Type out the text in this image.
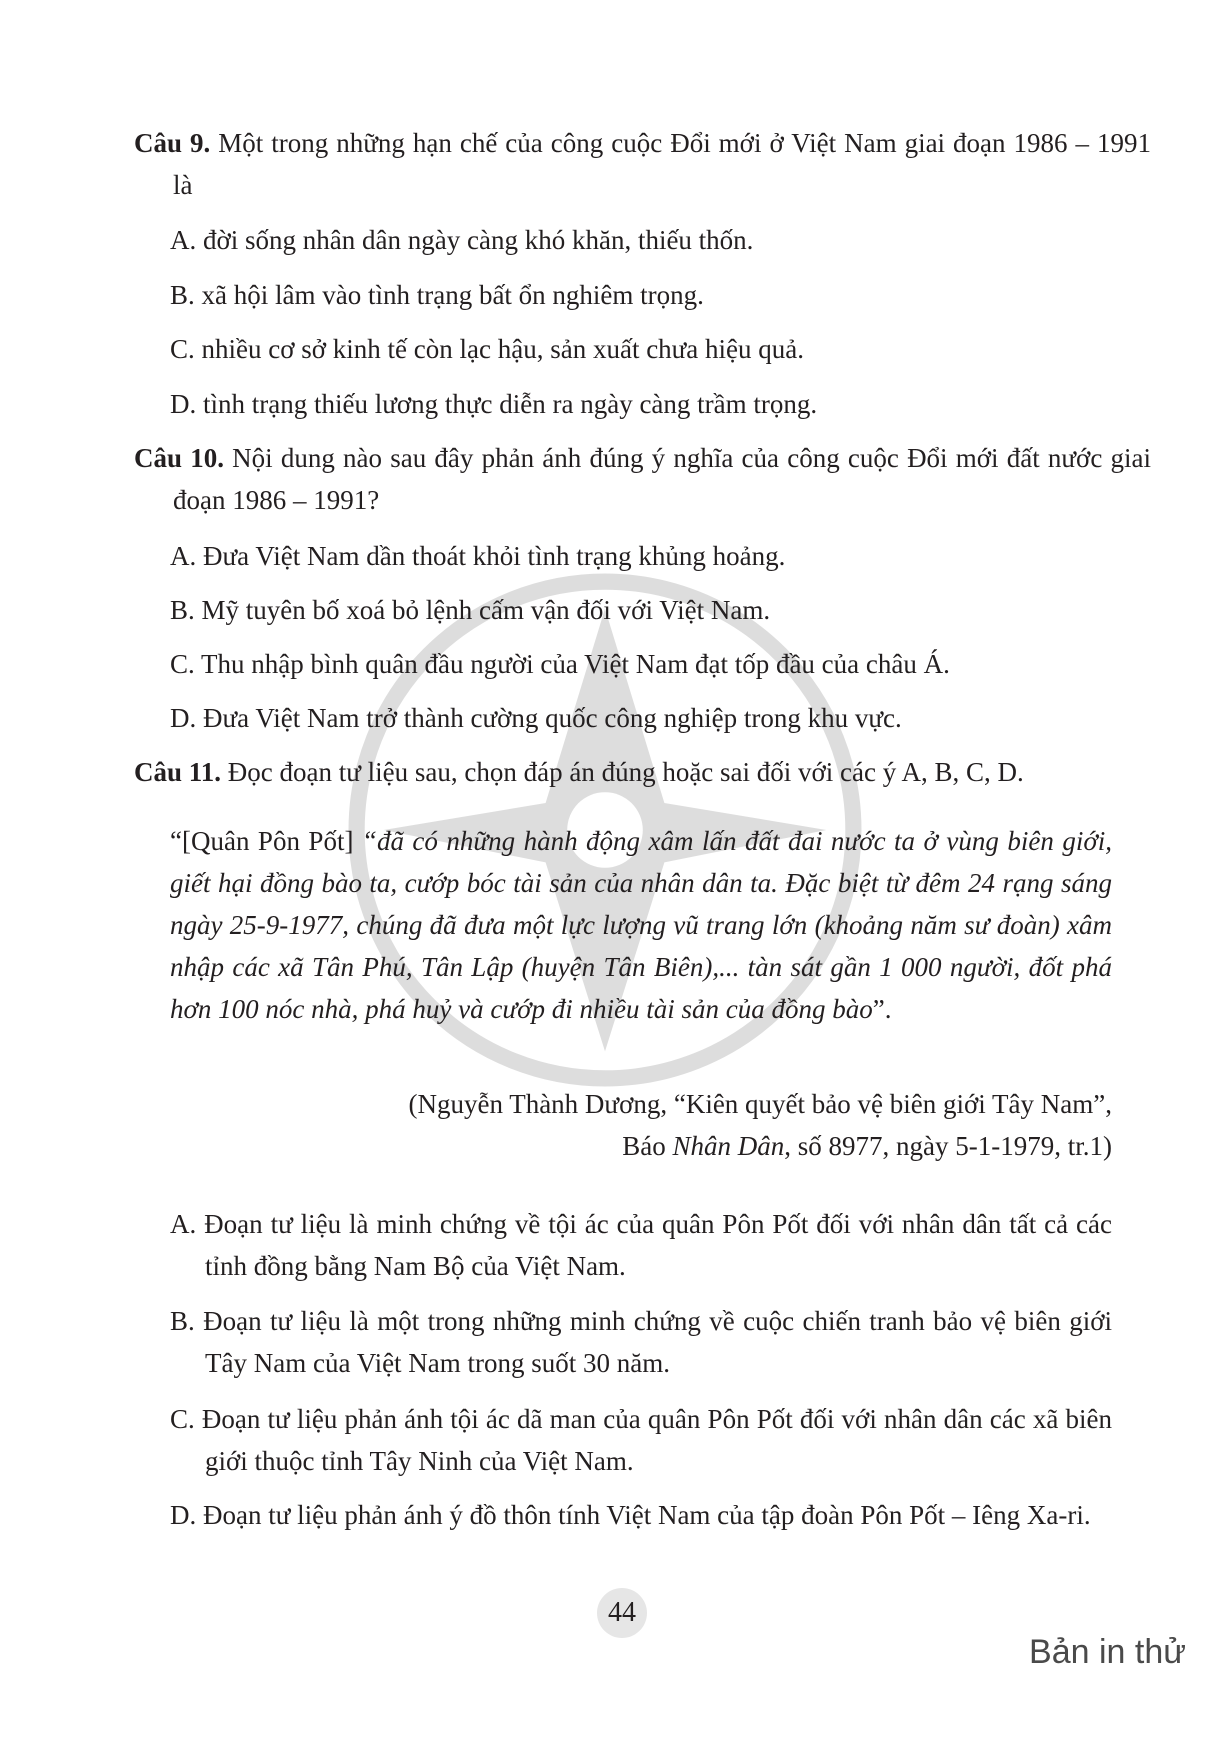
Câu 9. Một trong những hạn chế của công cuộc Đổi mới ở Việt Nam giai đoạn 1986 – 1991 là
A. đời sống nhân dân ngày càng khó khăn, thiếu thốn.
B. xã hội lâm vào tình trạng bất ổn nghiêm trọng.
C. nhiều cơ sở kinh tế còn lạc hậu, sản xuất chưa hiệu quả.
D. tình trạng thiếu lương thực diễn ra ngày càng trầm trọng.
Câu 10. Nội dung nào sau đây phản ánh đúng ý nghĩa của công cuộc Đổi mới đất nước giai đoạn 1986 – 1991?
A. Đưa Việt Nam dần thoát khỏi tình trạng khủng hoảng.
B. Mỹ tuyên bố xoá bỏ lệnh cấm vận đối với Việt Nam.
C. Thu nhập bình quân đầu người của Việt Nam đạt tốp đầu của châu Á.
D. Đưa Việt Nam trở thành cường quốc công nghiệp trong khu vực.
Câu 11. Đọc đoạn tư liệu sau, chọn đáp án đúng hoặc sai đối với các ý A, B, C, D.
“[Quân Pôn Pốt] “đã có những hành động xâm lấn đất đai nước ta ở vùng biên giới, giết hại đồng bào ta, cướp bóc tài sản của nhân dân ta. Đặc biệt từ đêm 24 rạng sáng ngày 25-9-1977, chúng đã đưa một lực lượng vũ trang lớn (khoảng năm sư đoàn) xâm nhập các xã Tân Phú, Tân Lập (huyện Tân Biên),... tàn sát gần 1 000 người, đốt phá hơn 100 nóc nhà, phá huỷ và cướp đi nhiều tài sản của đồng bào”.
(Nguyễn Thành Dương, “Kiên quyết bảo vệ biên giới Tây Nam”,
Báo Nhân Dân, số 8977, ngày 5-1-1979, tr.1)
A. Đoạn tư liệu là minh chứng về tội ác của quân Pôn Pốt đối với nhân dân tất cả các tỉnh đồng bằng Nam Bộ của Việt Nam.
B. Đoạn tư liệu là một trong những minh chứng về cuộc chiến tranh bảo vệ biên giới Tây Nam của Việt Nam trong suốt 30 năm.
C. Đoạn tư liệu phản ánh tội ác dã man của quân Pôn Pốt đối với nhân dân các xã biên giới thuộc tỉnh Tây Ninh của Việt Nam.
D. Đoạn tư liệu phản ánh ý đồ thôn tính Việt Nam của tập đoàn Pôn Pốt – Iêng Xa-ri.
44
Bản in thử
